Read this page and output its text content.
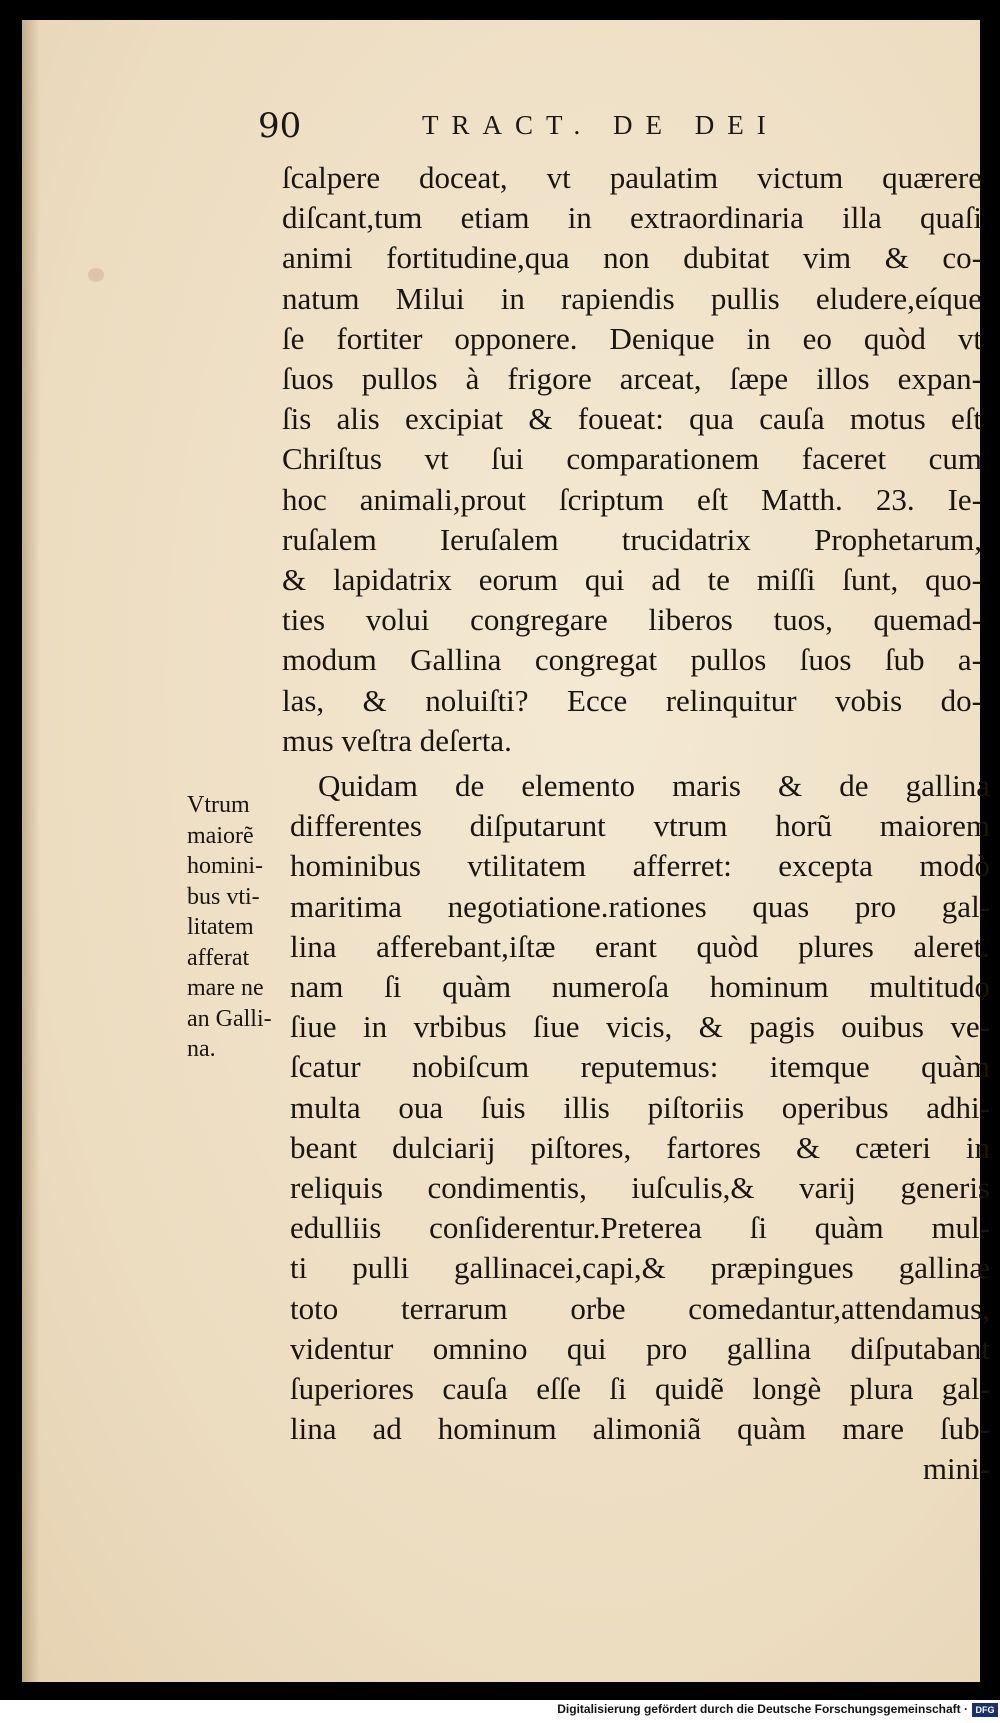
90	TRACT. DE DEI
ſcalpere doceat, vt paulatim victum quærere
diſcant,tum etiam in extraordinaria illa quaſi
animi fortitudine,qua non dubitat vim & co-
natum Milui in rapiendis pullis eludere,eíque
ſe fortiter opponere. Denique in eo quòd vt
ſuos pullos à frigore arceat, ſæpe illos expan-
ſis alis excipiat & foueat: qua cauſa motus eſt
Chriſtus vt ſui comparationem faceret cum
hoc animali,prout ſcriptum eſt Matth. 23. Ie-
ruſalem Ieruſalem trucidatrix Prophetarum,
& lapidatrix eorum qui ad te miſſi ſunt, quo-
ties volui congregare liberos tuos, quemad-
modum Gallina congregat pullos ſuos ſub a-
las, & noluiſti? Ecce relinquitur vobis do-
mus veſtra deſerta.
Vtrum
maiorẽ
homini-
bus vti-
litatem
afferat
mare ne
an Galli-
na.
Quidam de elemento maris & de gallina
differentes diſputarunt vtrum horũ maiorem
hominibus vtilitatem afferret: excepta modò
maritima negotiatione.rationes quas pro gal-
lina afferebant,iſtæ erant quòd plures aleret.
nam ſi quàm numeroſa hominum multitudo
ſiue in vrbibus ſiue vicis, & pagis ouibus ve-
ſcatur nobiſcum reputemus: itemque quàm
multa oua ſuis illis piſtoriis operibus adhi-
beant dulciarij piſtores, fartores & cæteri in
reliquis condimentis, iuſculis,& varij generis
edulliis conſiderentur.Preterea ſi quàm mul-
ti pulli gallinacei,capi,& præpingues gallinæ
toto terrarum orbe comedantur,attendamus,
videntur omnino qui pro gallina diſputabant
ſuperiores cauſa eſſe ſi quidẽ longè plura gal-
lina ad hominum alimoniã quàm mare ſub-
mini-
Digitalisierung gefördert durch die Deutsche Forschungsgemeinschaft · DFG
